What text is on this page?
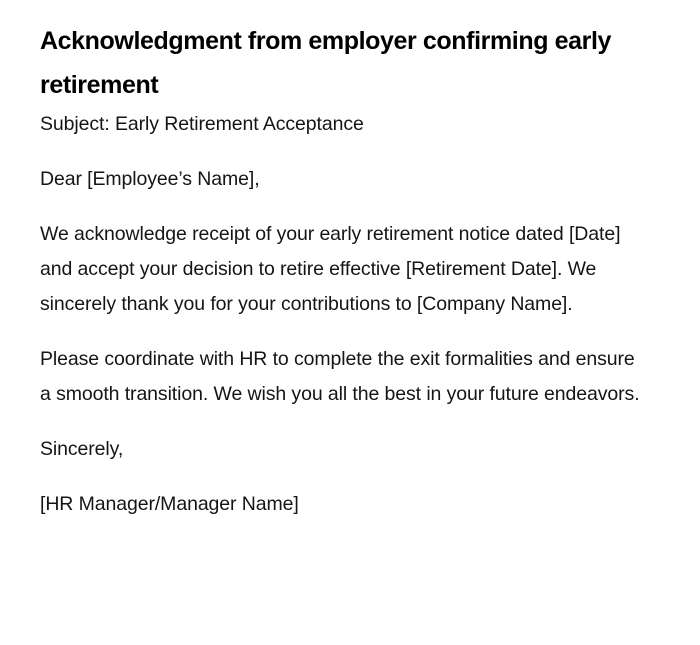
Acknowledgment from employer confirming early retirement

Subject: Early Retirement Acceptance

Dear [Employee’s Name],

We acknowledge receipt of your early retirement notice dated [Date] and accept your decision to retire effective [Retirement Date]. We sincerely thank you for your contributions to [Company Name].

Please coordinate with HR to complete the exit formalities and ensure a smooth transition. We wish you all the best in your future endeavors.

Sincerely,

[HR Manager/Manager Name]
